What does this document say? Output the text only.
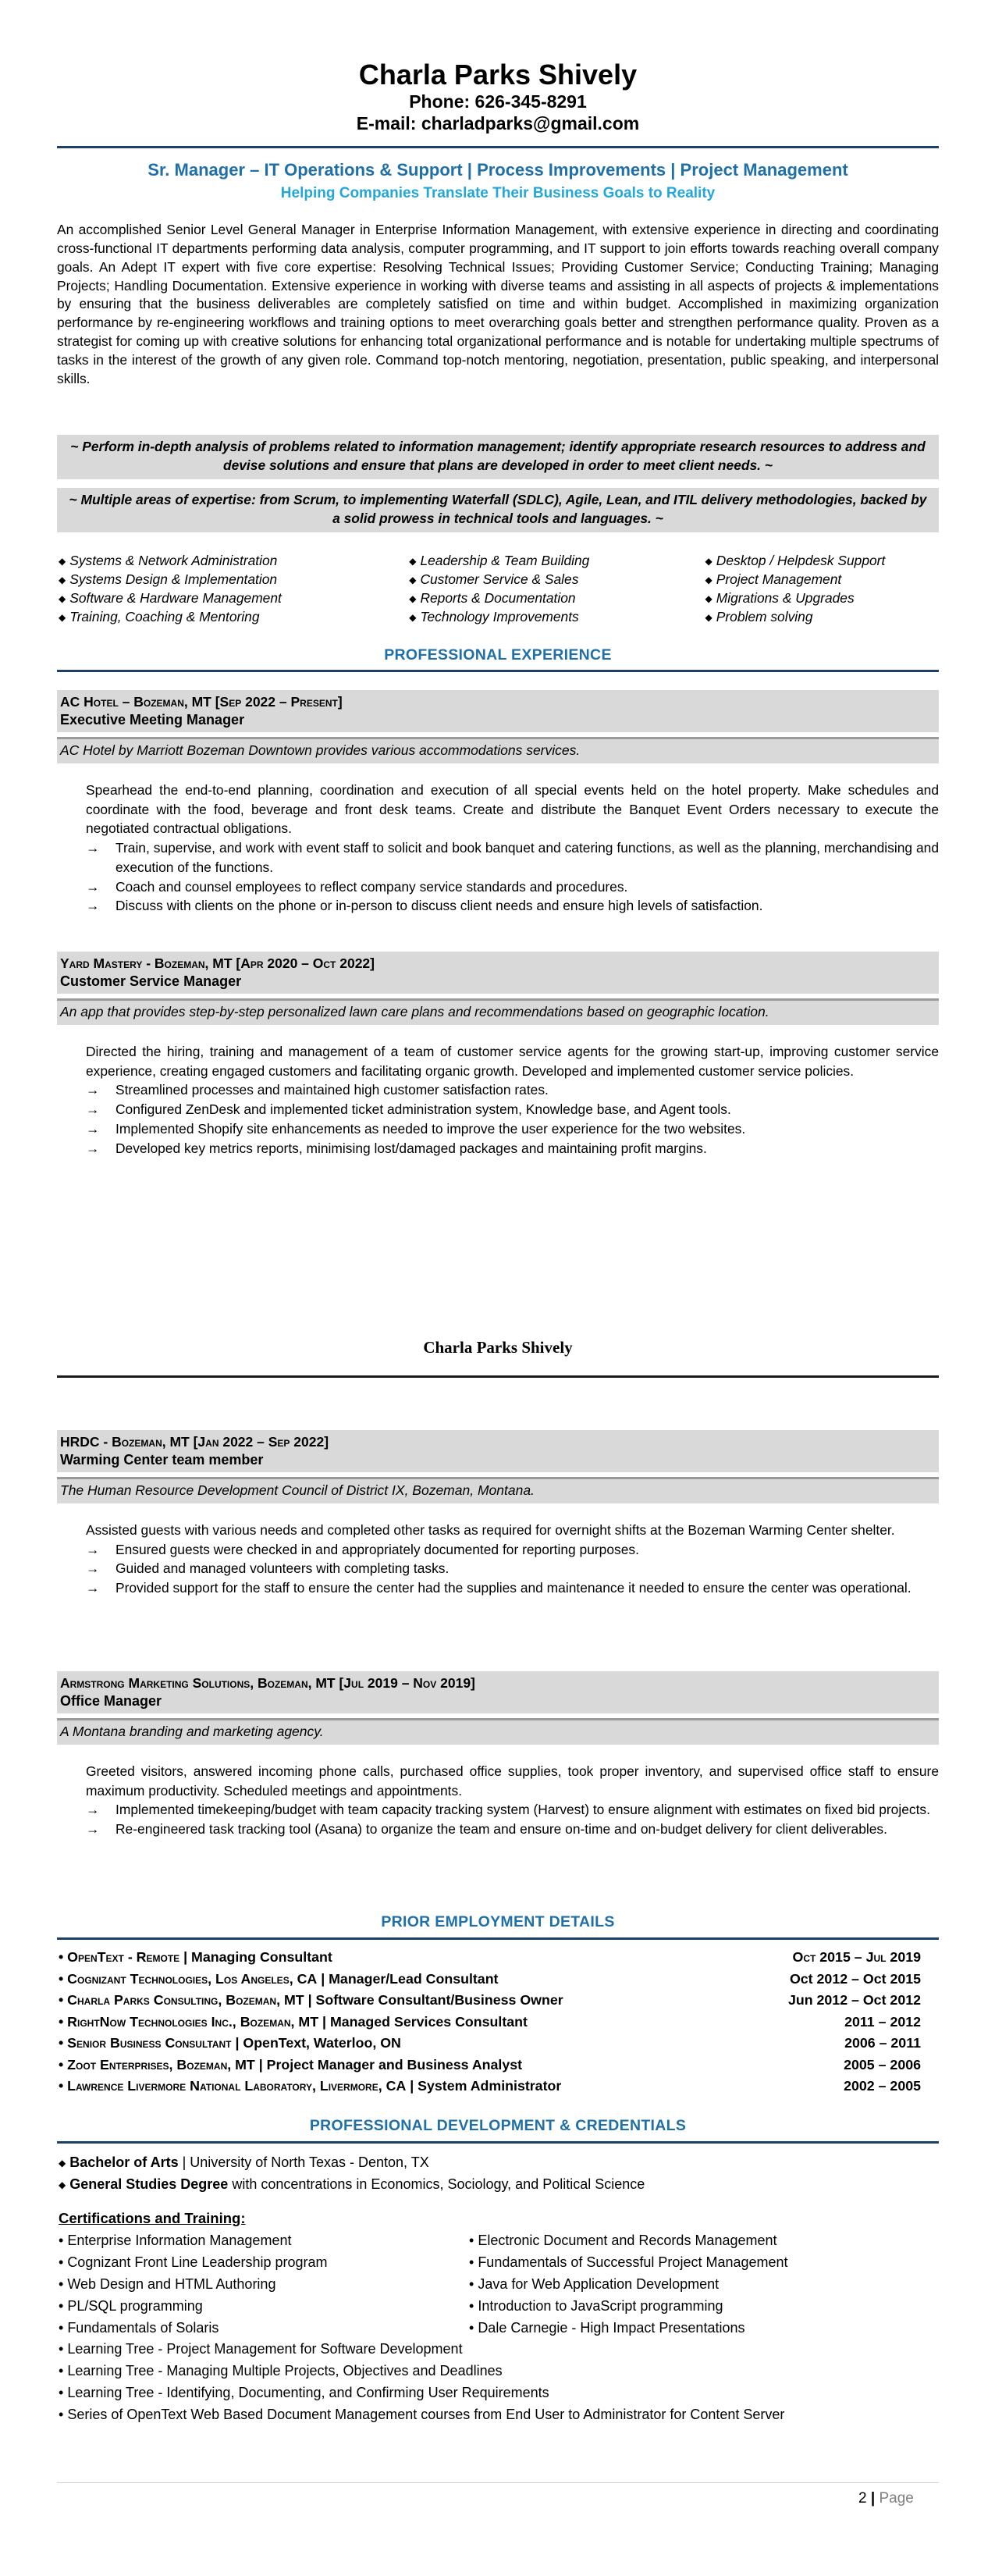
Charla Parks Shively
Phone: 626-345-8291
E-mail: charladparks@gmail.com
Sr. Manager – IT Operations & Support | Process Improvements | Project Management
Helping Companies Translate Their Business Goals to Reality
An accomplished Senior Level General Manager in Enterprise Information Management, with extensive experience in directing and coordinating cross-functional IT departments performing data analysis, computer programming, and IT support to join efforts towards reaching overall company goals. An Adept IT expert with five core expertise: Resolving Technical Issues; Providing Customer Service; Conducting Training; Managing Projects; Handling Documentation. Extensive experience in working with diverse teams and assisting in all aspects of projects & implementations by ensuring that the business deliverables are completely satisfied on time and within budget. Accomplished in maximizing organization performance by re-engineering workflows and training options to meet overarching goals better and strengthen performance quality. Proven as a strategist for coming up with creative solutions for enhancing total organizational performance and is notable for undertaking multiple spectrums of tasks in the interest of the growth of any given role. Command top-notch mentoring, negotiation, presentation, public speaking, and interpersonal skills.
~ Perform in-depth analysis of problems related to information management; identify appropriate research resources to address and devise solutions and ensure that plans are developed in order to meet client needs. ~
~ Multiple areas of expertise: from Scrum, to implementing Waterfall (SDLC), Agile, Lean, and ITIL delivery methodologies, backed by a solid prowess in technical tools and languages. ~
◆ Systems & Network Administration
◆ Systems Design & Implementation
◆ Software & Hardware Management
◆ Training, Coaching & Mentoring
◆ Leadership & Team Building
◆ Customer Service & Sales
◆ Reports & Documentation
◆ Technology Improvements
◆ Desktop / Helpdesk Support
◆ Project Management
◆ Migrations & Upgrades
◆ Problem solving
PROFESSIONAL EXPERIENCE
AC Hotel – Bozeman, MT [Sep 2022 – Present]
Executive Meeting Manager
AC Hotel by Marriott Bozeman Downtown provides various accommodations services.
Spearhead the end-to-end planning, coordination and execution of all special events held on the hotel property. Make schedules and coordinate with the food, beverage and front desk teams. Create and distribute the Banquet Event Orders necessary to execute the negotiated contractual obligations.
→ Train, supervise, and work with event staff to solicit and book banquet and catering functions, as well as the planning, merchandising and execution of the functions.
→ Coach and counsel employees to reflect company service standards and procedures.
→ Discuss with clients on the phone or in-person to discuss client needs and ensure high levels of satisfaction.
Yard Mastery - Bozeman, MT [Apr 2020 – Oct 2022]
Customer Service Manager
An app that provides step-by-step personalized lawn care plans and recommendations based on geographic location.
Directed the hiring, training and management of a team of customer service agents for the growing start-up, improving customer service experience, creating engaged customers and facilitating organic growth. Developed and implemented customer service policies.
→ Streamlined processes and maintained high customer satisfaction rates.
→ Configured ZenDesk and implemented ticket administration system, Knowledge base, and Agent tools.
→ Implemented Shopify site enhancements as needed to improve the user experience for the two websites.
→ Developed key metrics reports, minimising lost/damaged packages and maintaining profit margins.
Charla Parks Shively
HRDC - Bozeman, MT [Jan 2022 – Sep 2022]
Warming Center team member
The Human Resource Development Council of District IX, Bozeman, Montana.
Assisted guests with various needs and completed other tasks as required for overnight shifts at the Bozeman Warming Center shelter.
→ Ensured guests were checked in and appropriately documented for reporting purposes.
→ Guided and managed volunteers with completing tasks.
→ Provided support for the staff to ensure the center had the supplies and maintenance it needed to ensure the center was operational.
Armstrong Marketing Solutions, Bozeman, MT [Jul 2019 – Nov 2019]
Office Manager
A Montana branding and marketing agency.
Greeted visitors, answered incoming phone calls, purchased office supplies, took proper inventory, and supervised office staff to ensure maximum productivity. Scheduled meetings and appointments.
→ Implemented timekeeping/budget with team capacity tracking system (Harvest) to ensure alignment with estimates on fixed bid projects.
→ Re-engineered task tracking tool (Asana) to organize the team and ensure on-time and on-budget delivery for client deliverables.
PRIOR EMPLOYMENT DETAILS
• OpenText - Remote | Managing Consultant	Oct 2015 – Jul 2019
• Cognizant Technologies, Los Angeles, CA | Manager/Lead Consultant	Oct 2012 – Oct 2015
• Charla Parks Consulting, Bozeman, MT | Software Consultant/Business Owner	Jun 2012 – Oct 2012
• RightNow Technologies Inc., Bozeman, MT | Managed Services Consultant	2011 – 2012
• Senior Business Consultant | OpenText, Waterloo, ON	2006 – 2011
• Zoot Enterprises, Bozeman, MT | Project Manager and Business Analyst	2005 – 2006
• Lawrence Livermore National Laboratory, Livermore, CA | System Administrator	2002 – 2005
PROFESSIONAL DEVELOPMENT & CREDENTIALS
◆ Bachelor of Arts | University of North Texas - Denton, TX
◆ General Studies Degree with concentrations in Economics, Sociology, and Political Science
Certifications and Training:
• Enterprise Information Management
• Cognizant Front Line Leadership program
• Web Design and HTML Authoring
• PL/SQL programming
• Fundamentals of Solaris
• Electronic Document and Records Management
• Fundamentals of Successful Project Management
• Java for Web Application Development
• Introduction to JavaScript programming
• Dale Carnegie - High Impact Presentations
• Learning Tree - Project Management for Software Development
• Learning Tree - Managing Multiple Projects, Objectives and Deadlines
• Learning Tree - Identifying, Documenting, and Confirming User Requirements
• Series of OpenText Web Based Document Management courses from End User to Administrator for Content Server
2 | Page
